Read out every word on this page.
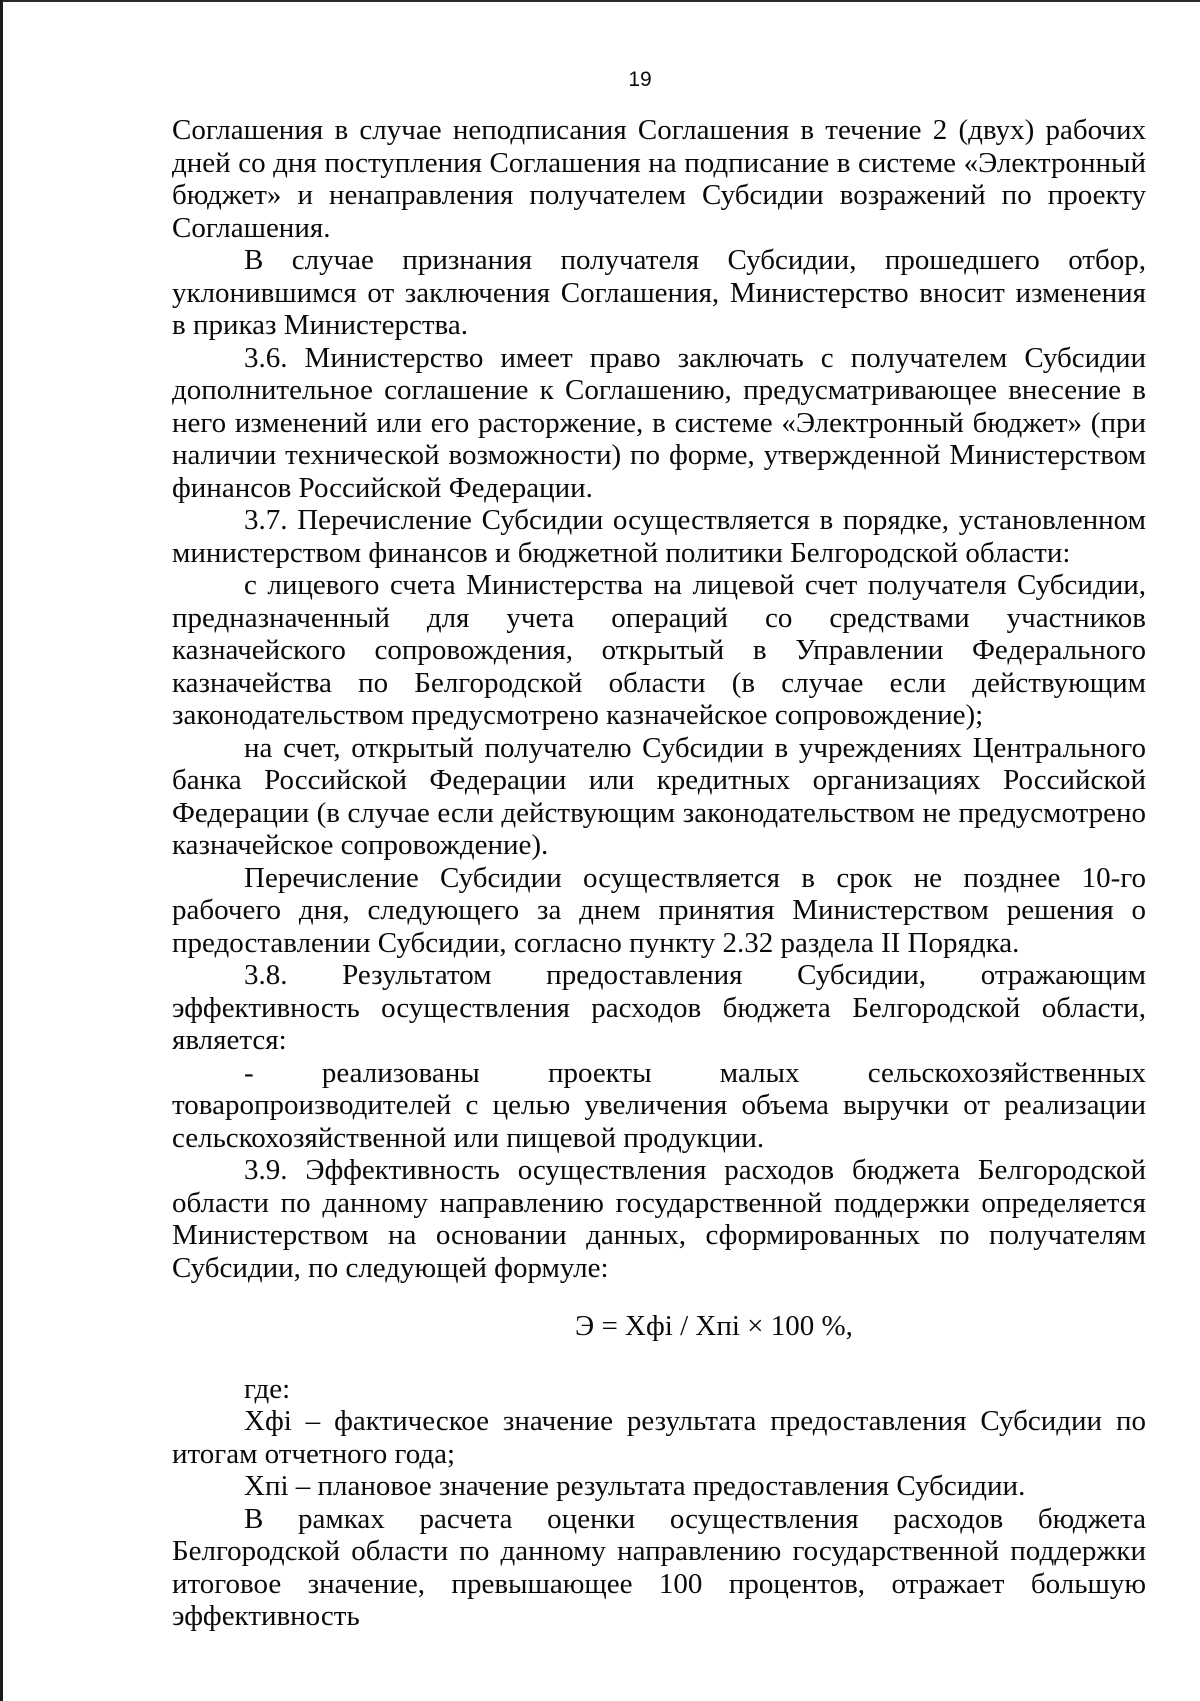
19

Соглашения в случае неподписания Соглашения в течение 2 (двух) рабочих дней со дня поступления Соглашения на подписание в системе «Электронный бюджет» и ненаправления получателем Субсидии возражений по проекту Соглашения.

В случае признания получателя Субсидии, прошедшего отбор, уклонившимся от заключения Соглашения, Министерство вносит изменения в приказ Министерства.

3.6. Министерство имеет право заключать с получателем Субсидии дополнительное соглашение к Соглашению, предусматривающее внесение в него изменений или его расторжение, в системе «Электронный бюджет» (при наличии технической возможности) по форме, утвержденной Министерством финансов Российской Федерации.

3.7. Перечисление Субсидии осуществляется в порядке, установленном министерством финансов и бюджетной политики Белгородской области:

с лицевого счета Министерства на лицевой счет получателя Субсидии, предназначенный для учета операций со средствами участников казначейского сопровождения, открытый в Управлении Федерального казначейства по Белгородской области (в случае если действующим законодательством предусмотрено казначейское сопровождение);

на счет, открытый получателю Субсидии в учреждениях Центрального банка Российской Федерации или кредитных организациях Российской Федерации (в случае если действующим законодательством не предусмотрено казначейское сопровождение).

Перечисление Субсидии осуществляется в срок не позднее 10-го рабочего дня, следующего за днем принятия Министерством решения о предоставлении Субсидии, согласно пункту 2.32 раздела II Порядка.

3.8. Результатом предоставления Субсидии, отражающим эффективность осуществления расходов бюджета Белгородской области, является:

- реализованы проекты малых сельскохозяйственных товаропроизводителей с целью увеличения объема выручки от реализации сельскохозяйственной или пищевой продукции.

3.9. Эффективность осуществления расходов бюджета Белгородской области по данному направлению государственной поддержки определяется Министерством на основании данных, сформированных по получателям Субсидии, по следующей формуле:

Э = Хфi / Хпi × 100 %,

где:

Хфi – фактическое значение результата предоставления Субсидии по итогам отчетного года;

Хпi – плановое значение результата предоставления Субсидии.

В рамках расчета оценки осуществления расходов бюджета Белгородской области по данному направлению государственной поддержки итоговое значение, превышающее 100 процентов, отражает большую эффективность
